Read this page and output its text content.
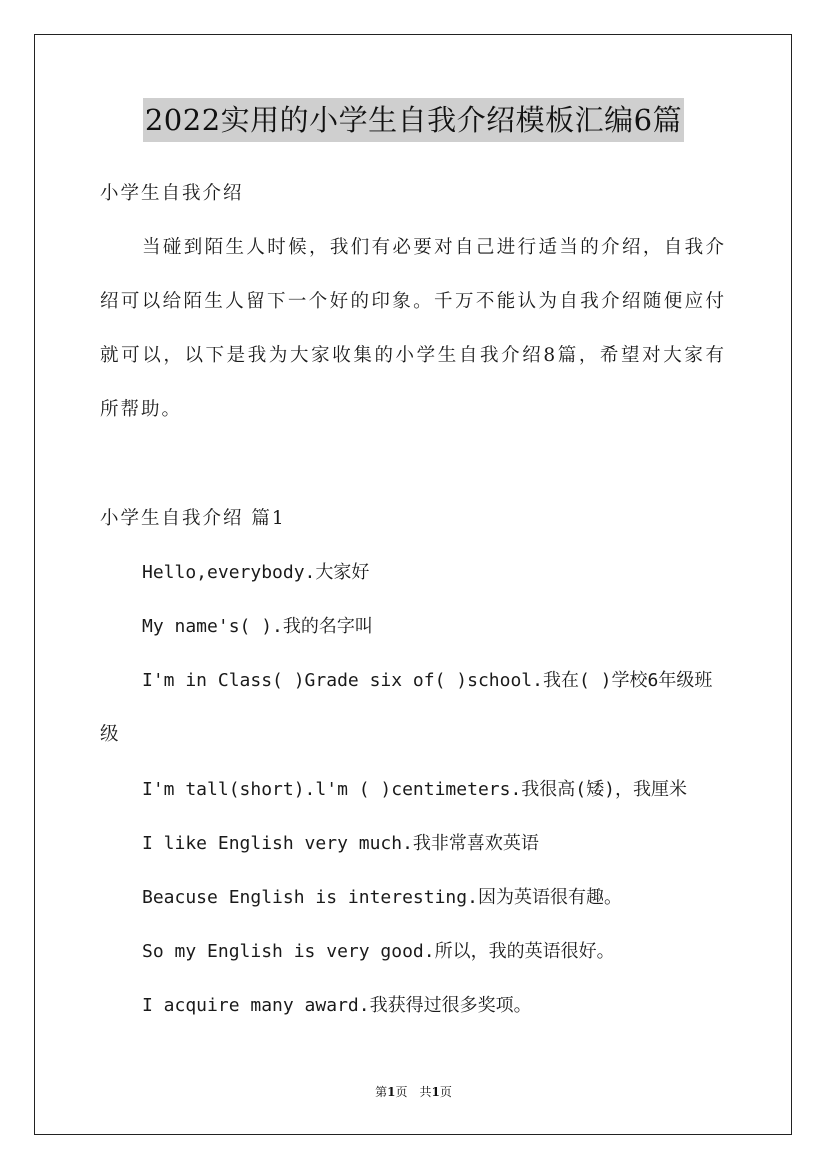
2022实用的小学生自我介绍模板汇编6篇
小学生自我介绍
当碰到陌生人时候，我们有必要对自己进行适当的介绍，自我介
绍可以给陌生人留下一个好的印象。千万不能认为自我介绍随便应付
就可以，以下是我为大家收集的小学生自我介绍8篇，希望对大家有
所帮助。
小学生自我介绍 篇1
Hello,everybody.大家好
My name's( ).我的名字叫
I'm in Class( )Grade six of( )school.我在( )学校6年级班
级
I'm tall(short).l'm ( )centimeters.我很高(矮)，我厘米
I like English very much.我非常喜欢英语
Beacuse English is interesting.因为英语很有趣。
So my English is very good.所以，我的英语很好。
I acquire many award.我获得过很多奖项。
第1页 共1页
